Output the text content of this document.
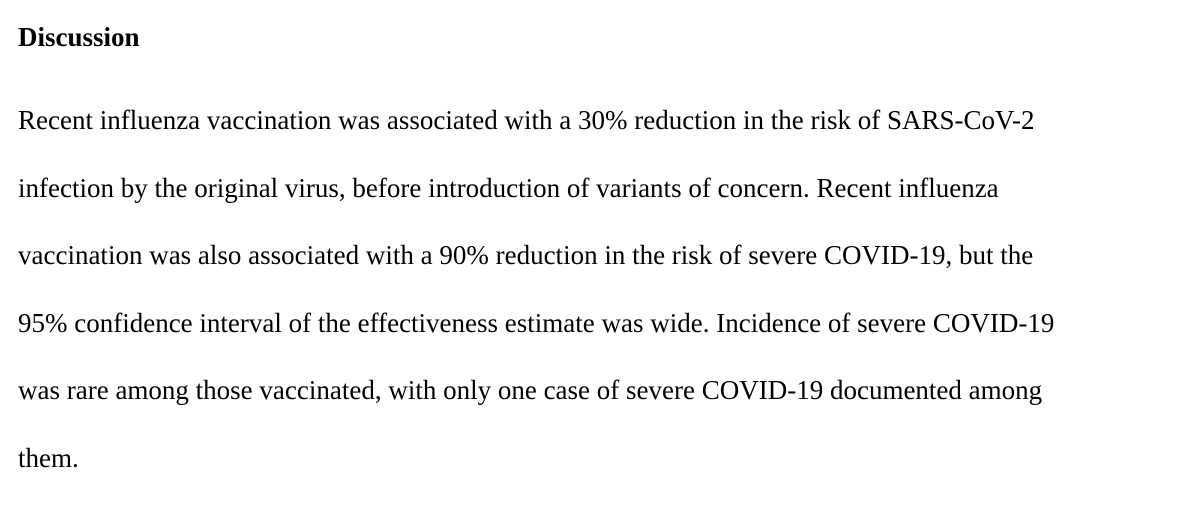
Discussion

Recent influenza vaccination was associated with a 30% reduction in the risk of SARS-CoV-2

infection by the original virus, before introduction of variants of concern. Recent influenza

vaccination was also associated with a 90% reduction in the risk of severe COVID-19, but the

95% confidence interval of the effectiveness estimate was wide. Incidence of severe COVID-19

was rare among those vaccinated, with only one case of severe COVID-19 documented among

them.
